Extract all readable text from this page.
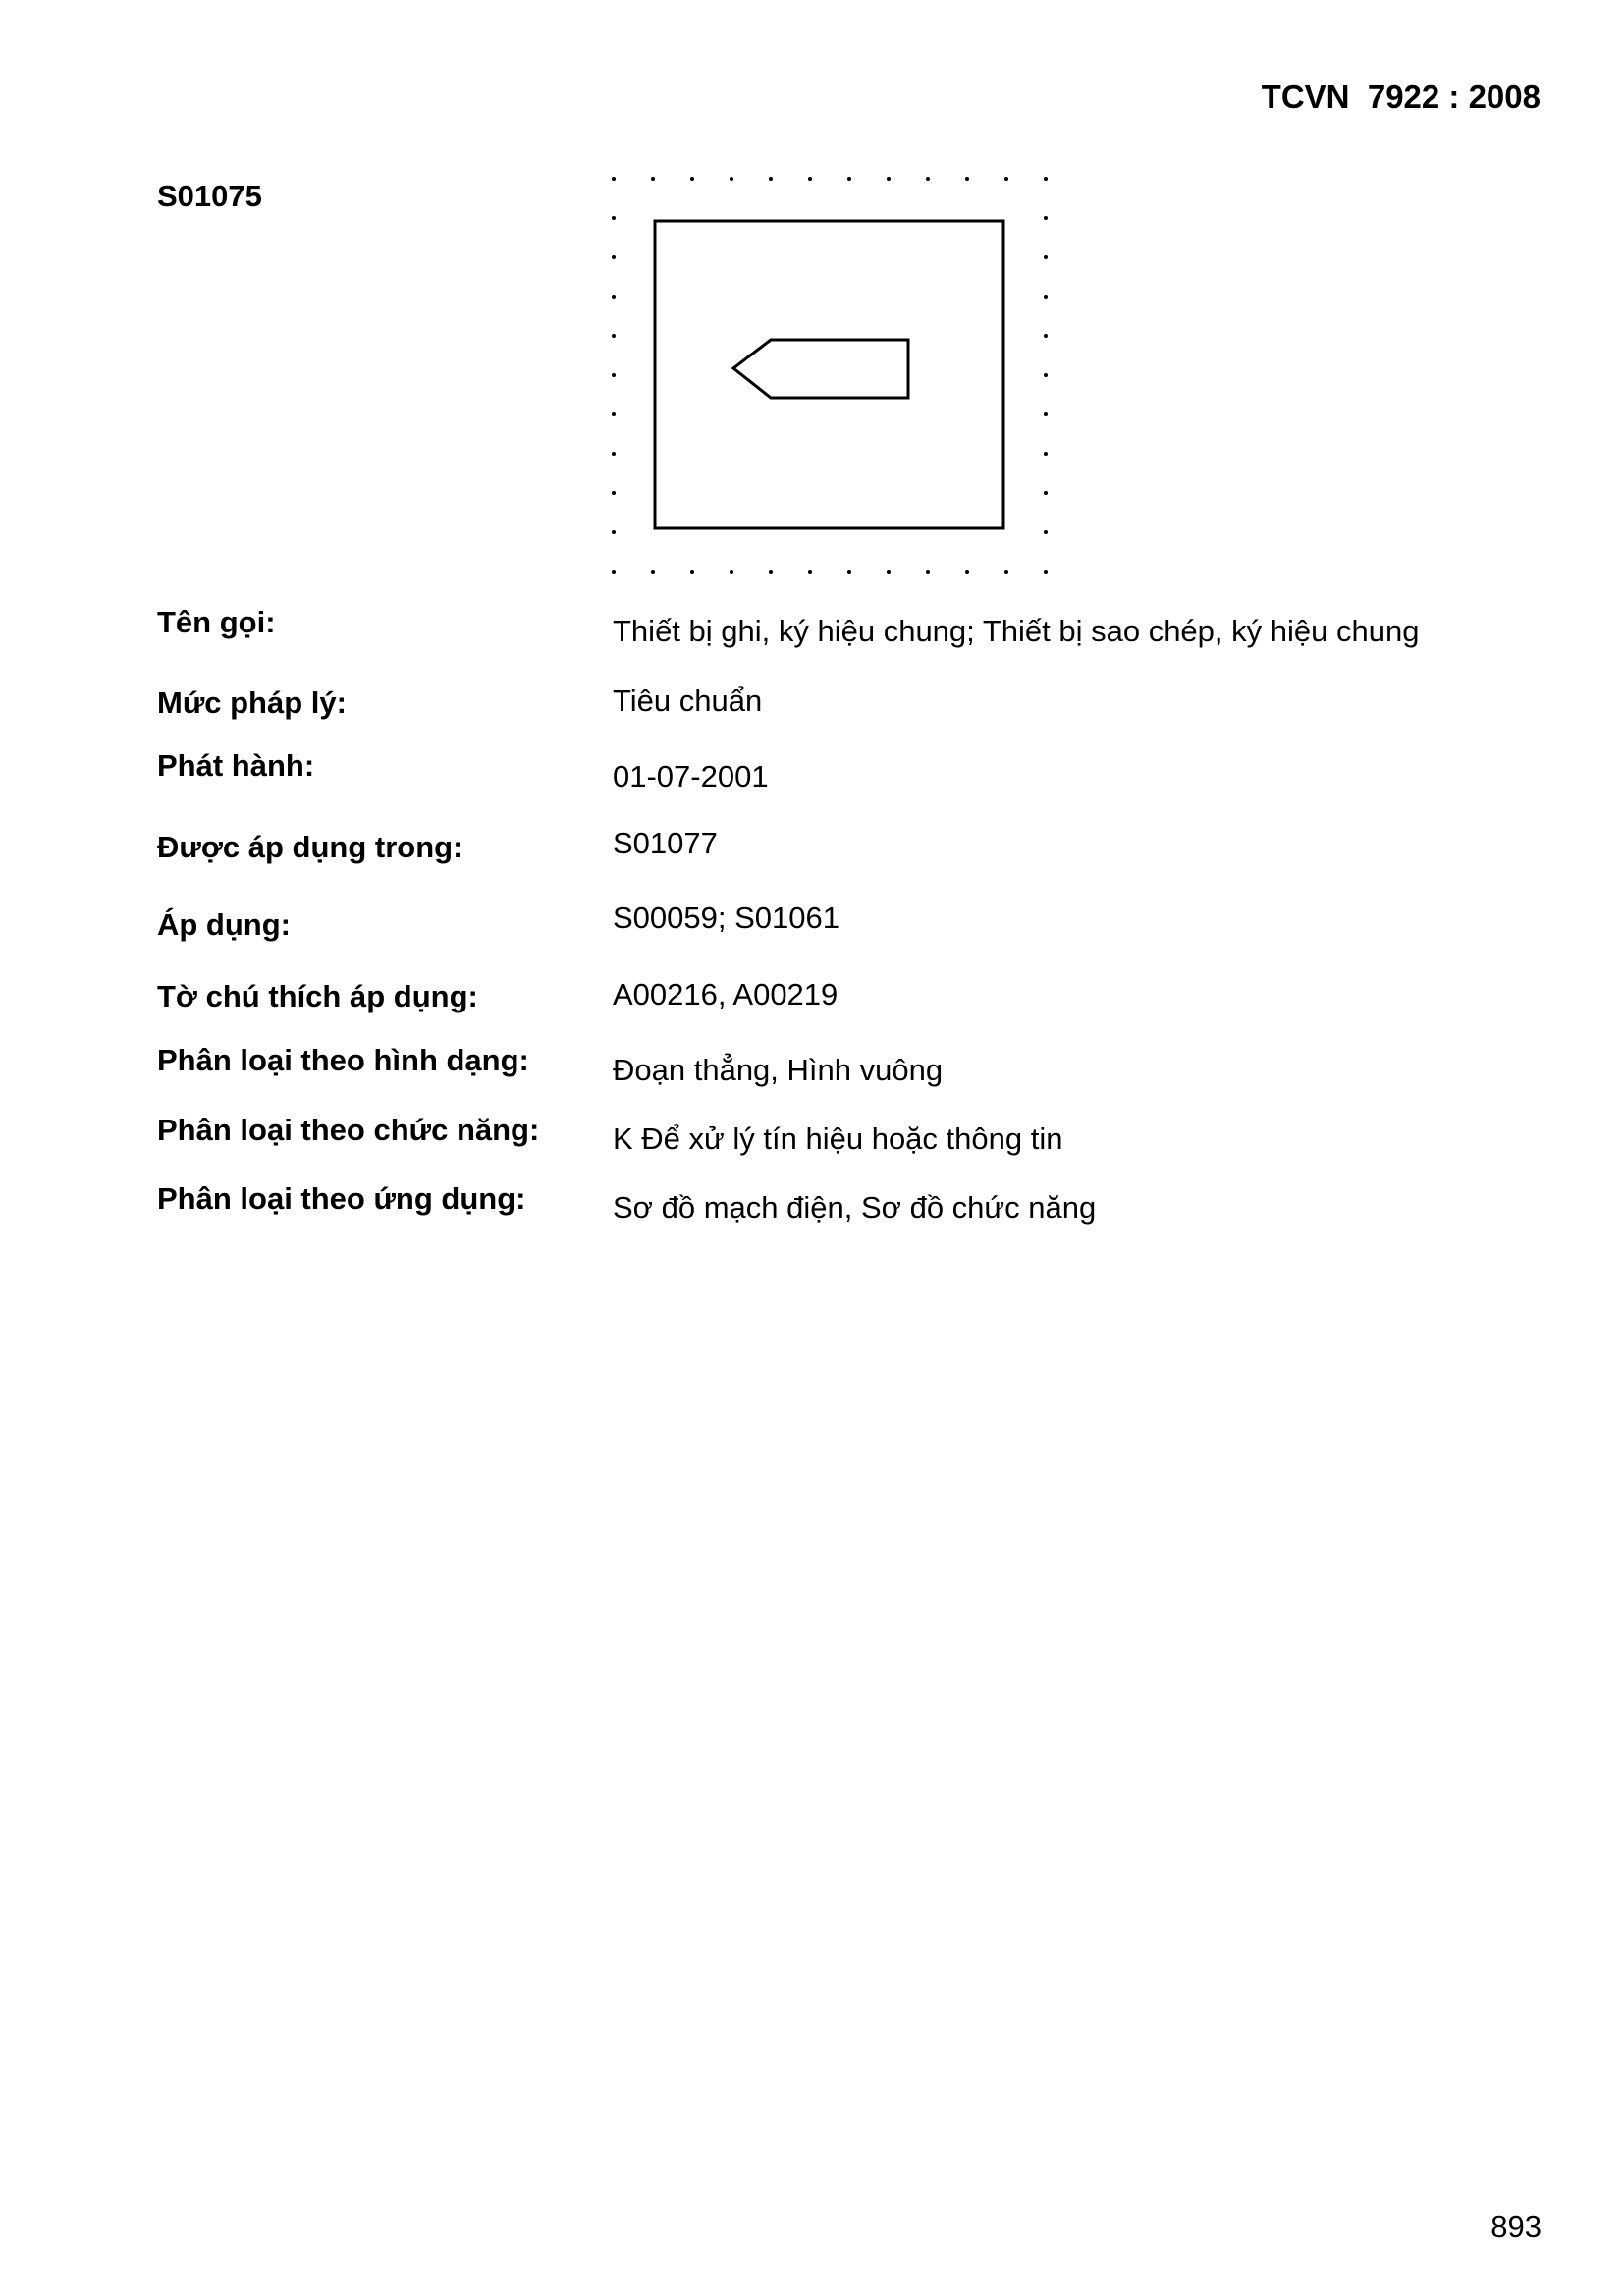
TCVN  7922 : 2008
S01075
Tên gọi:	Thiết bị ghi, ký hiệu chung; Thiết bị sao chép, ký hiệu chung
Mức pháp lý:	Tiêu chuẩn
Phát hành:	01-07-2001
Được áp dụng trong:	S01077
Áp dụng:	S00059; S01061
Tờ chú thích áp dụng:	A00216, A00219
Phân loại theo hình dạng:	Đoạn thẳng, Hình vuông
Phân loại theo chức năng: K Để xử lý tín hiệu hoặc thông tin
Phân loại theo ứng dụng:	Sơ đồ mạch điện, Sơ đồ chức năng
893
